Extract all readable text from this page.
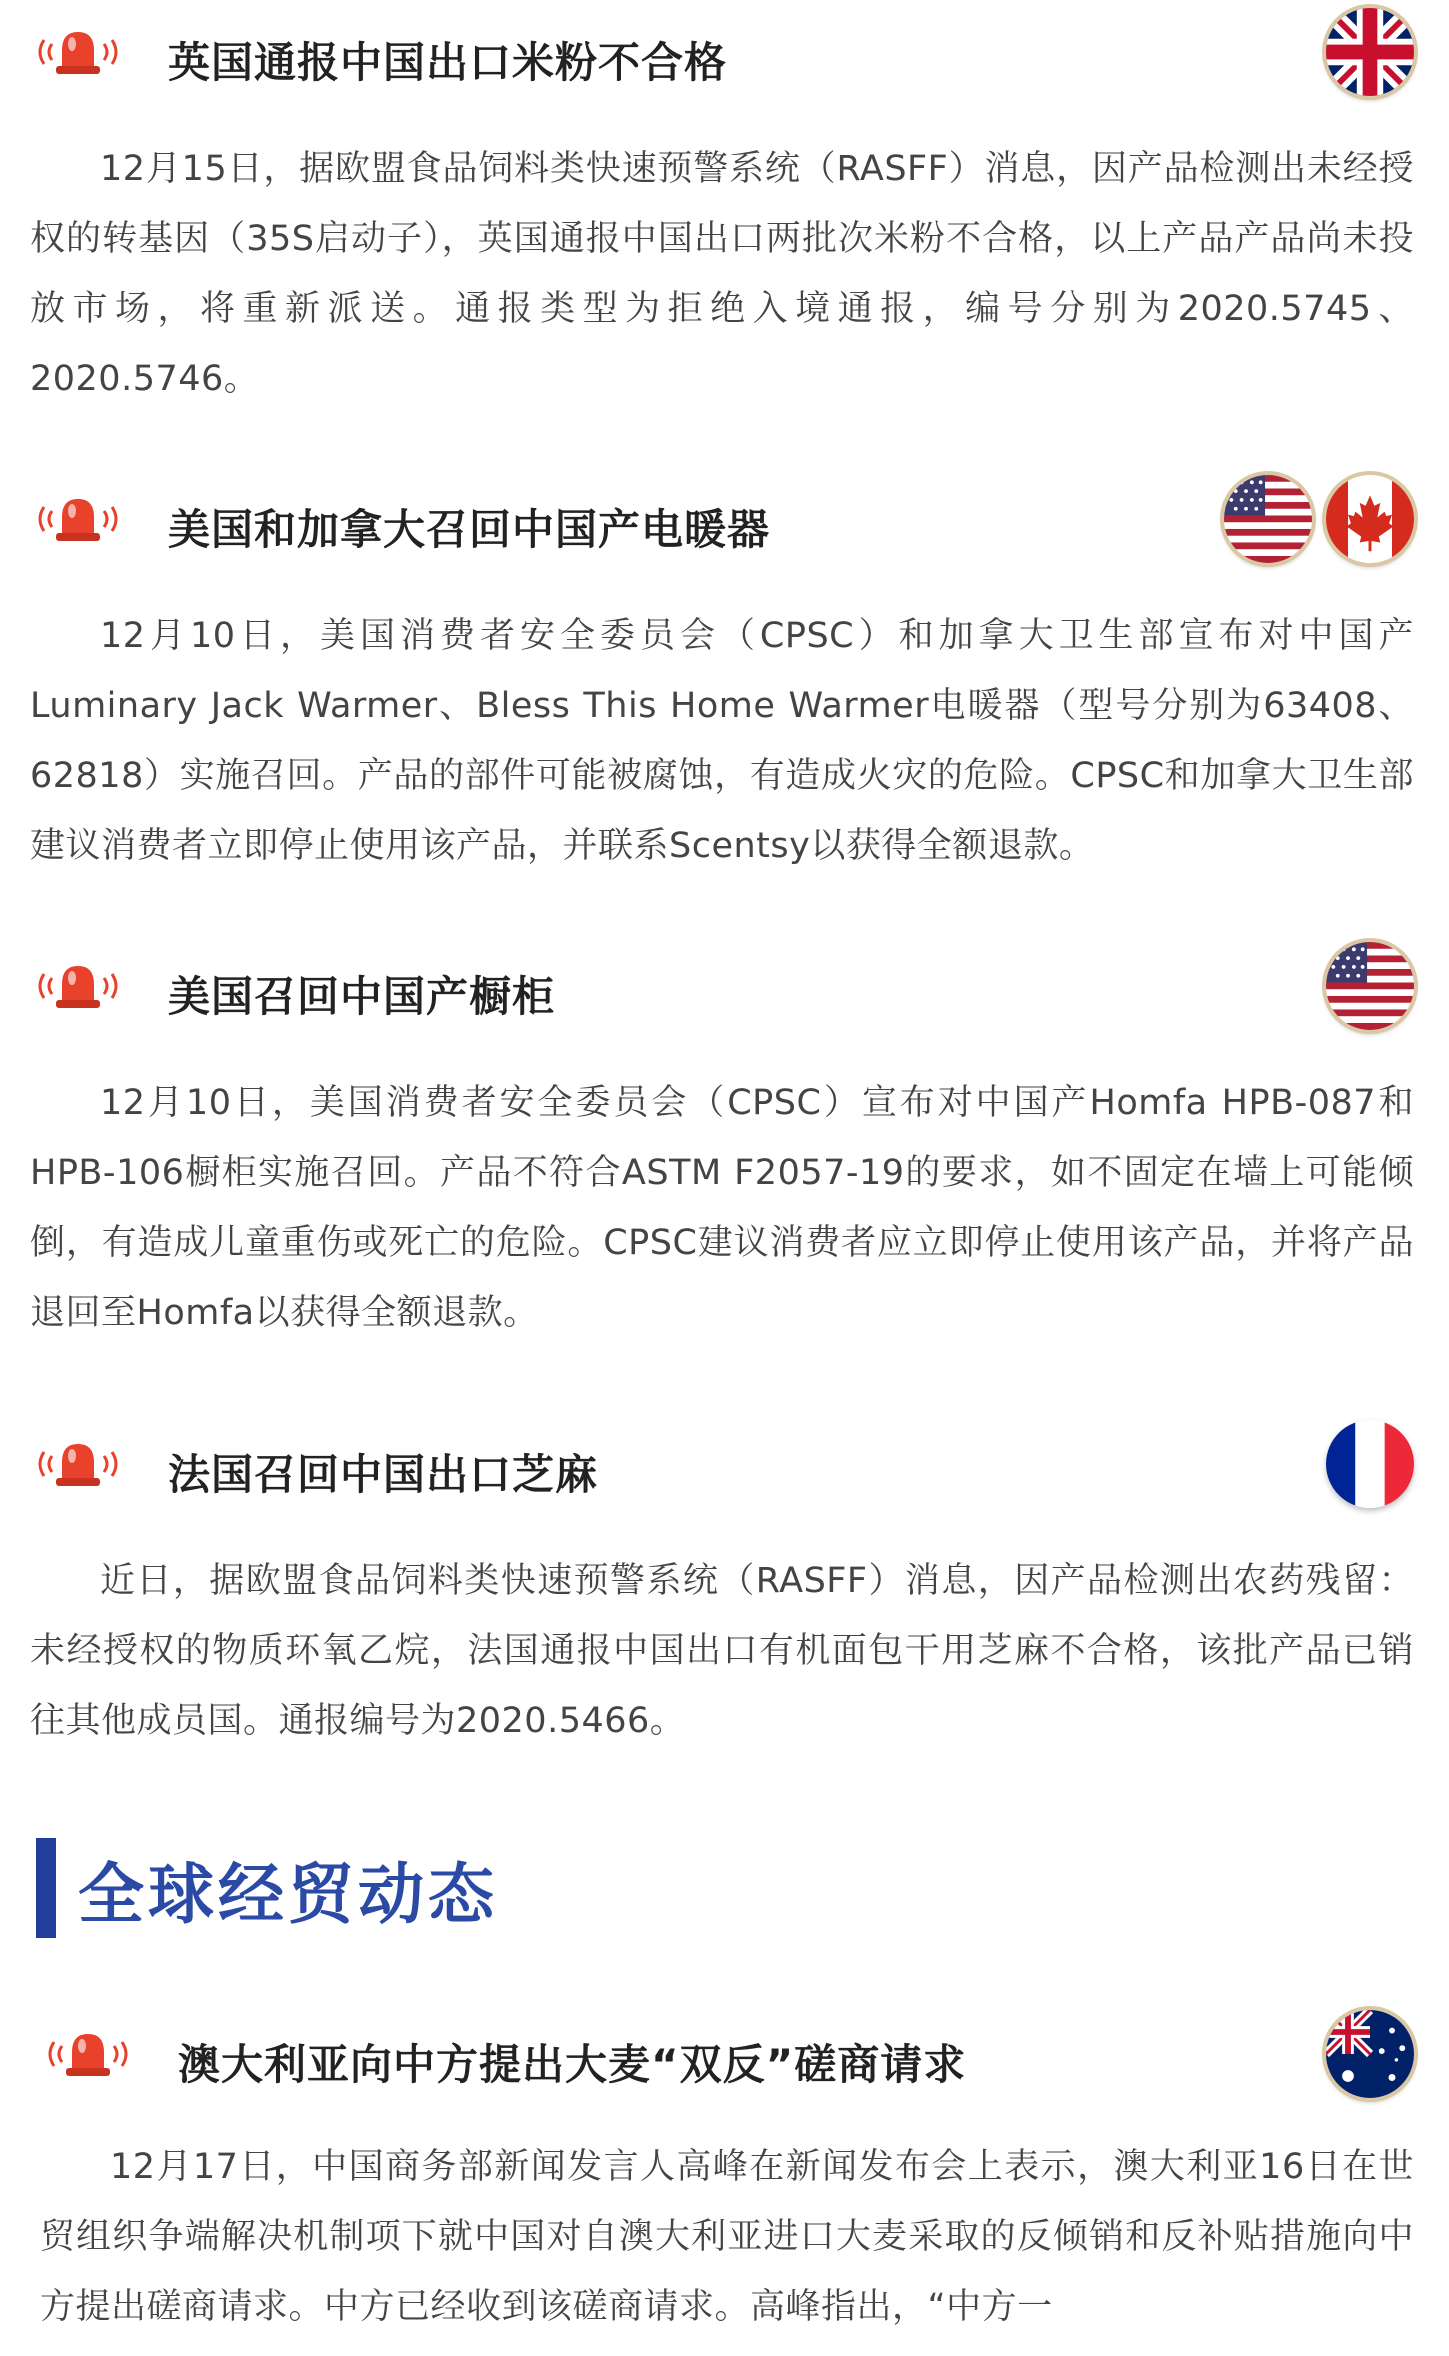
英国通报中国出口米粉不合格
12月15日，据欧盟食品饲料类快速预警系统（RASFF）消息，因产品检测出未经授权的转基因（35S启动子），英国通报中国出口两批次米粉不合格，以上产品产品尚未投放市场，将重新派送。通报类型为拒绝入境通报，编号分别为2020.5745、2020.5746。
美国和加拿大召回中国产电暖器
12月10日，美国消费者安全委员会（CPSC）和加拿大卫生部宣布对中国产Luminary Jack Warmer、Bless This Home Warmer电暖器（型号分别为63408、62818）实施召回。产品的部件可能被腐蚀，有造成火灾的危险。CPSC和加拿大卫生部建议消费者立即停止使用该产品，并联系Scentsy以获得全额退款。
美国召回中国产橱柜
12月10日，美国消费者安全委员会（CPSC）宣布对中国产Homfa HPB-087和HPB-106橱柜实施召回。产品不符合ASTM F2057-19的要求，如不固定在墙上可能倾倒，有造成儿童重伤或死亡的危险。CPSC建议消费者应立即停止使用该产品，并将产品退回至Homfa以获得全额退款。
法国召回中国出口芝麻
近日，据欧盟食品饲料类快速预警系统（RASFF）消息，因产品检测出农药残留：未经授权的物质环氧乙烷，法国通报中国出口有机面包干用芝麻不合格，该批产品已销往其他成员国。通报编号为2020.5466。
全球经贸动态
澳大利亚向中方提出大麦“双反”磋商请求
12月17日，中国商务部新闻发言人高峰在新闻发布会上表示，澳大利亚16日在世贸组织争端解决机制项下就中国对自澳大利亚进口大麦采取的反倾销和反补贴措施向中方提出磋商请求。中方已经收到该磋商请求。高峰指出，“中方一
